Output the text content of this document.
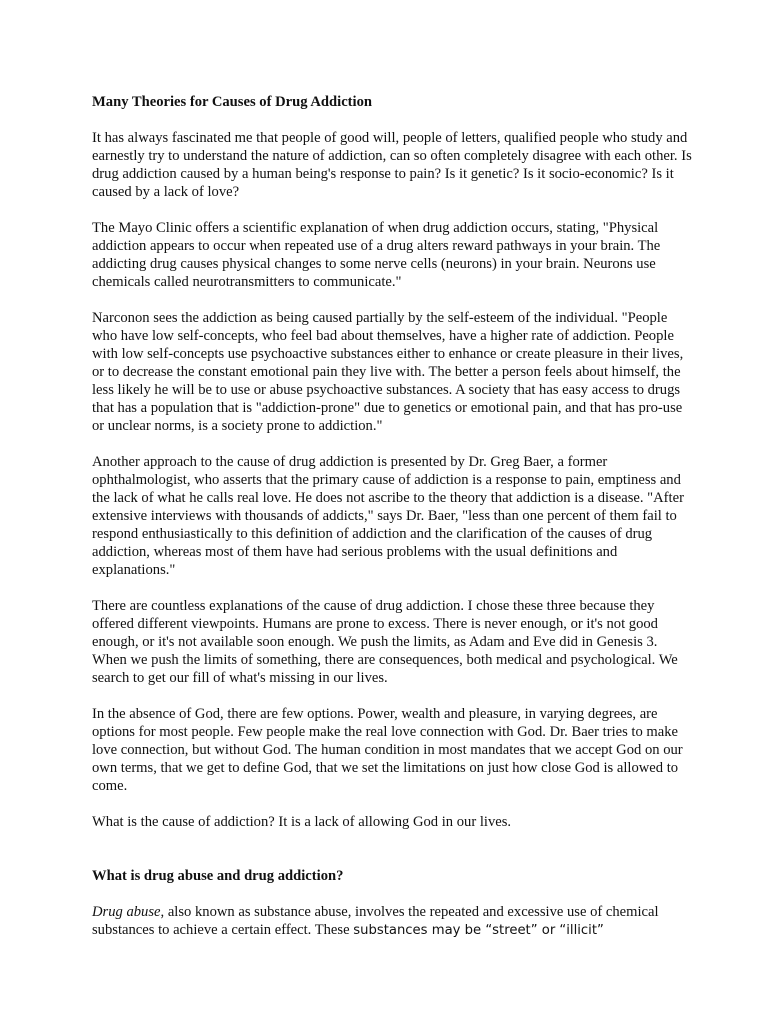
Many Theories for Causes of Drug Addiction

It has always fascinated me that people of good will, people of letters, qualified people who study and earnestly try to understand the nature of addiction, can so often completely disagree with each other. Is drug addiction caused by a human being's response to pain? Is it genetic? Is it socio-economic? Is it caused by a lack of love?

The Mayo Clinic offers a scientific explanation of when drug addiction occurs, stating, "Physical addiction appears to occur when repeated use of a drug alters reward pathways in your brain. The addicting drug causes physical changes to some nerve cells (neurons) in your brain. Neurons use chemicals called neurotransmitters to communicate."

Narconon sees the addiction as being caused partially by the self-esteem of the individual. "People who have low self-concepts, who feel bad about themselves, have a higher rate of addiction. People with low self-concepts use psychoactive substances either to enhance or create pleasure in their lives, or to decrease the constant emotional pain they live with. The better a person feels about himself, the less likely he will be to use or abuse psychoactive substances. A society that has easy access to drugs that has a population that is "addiction-prone" due to genetics or emotional pain, and that has pro-use or unclear norms, is a society prone to addiction."

Another approach to the cause of drug addiction is presented by Dr. Greg Baer, a former ophthalmologist, who asserts that the primary cause of addiction is a response to pain, emptiness and the lack of what he calls real love. He does not ascribe to the theory that addiction is a disease. "After extensive interviews with thousands of addicts," says Dr. Baer, "less than one percent of them fail to respond enthusiastically to this definition of addiction and the clarification of the causes of drug addiction, whereas most of them have had serious problems with the usual definitions and explanations."

There are countless explanations of the cause of drug addiction. I chose these three because they offered different viewpoints. Humans are prone to excess. There is never enough, or it's not good enough, or it's not available soon enough. We push the limits, as Adam and Eve did in Genesis 3. When we push the limits of something, there are consequences, both medical and psychological. We search to get our fill of what's missing in our lives.

In the absence of God, there are few options. Power, wealth and pleasure, in varying degrees, are options for most people. Few people make the real love connection with God. Dr. Baer tries to make love connection, but without God. The human condition in most mandates that we accept God on our own terms, that we get to define God, that we set the limitations on just how close God is allowed to come.

What is the cause of addiction? It is a lack of allowing God in our lives.

What is drug abuse and drug addiction?

Drug abuse, also known as substance abuse, involves the repeated and excessive use of chemical substances to achieve a certain effect. These substances may be “street” or “illicit”
